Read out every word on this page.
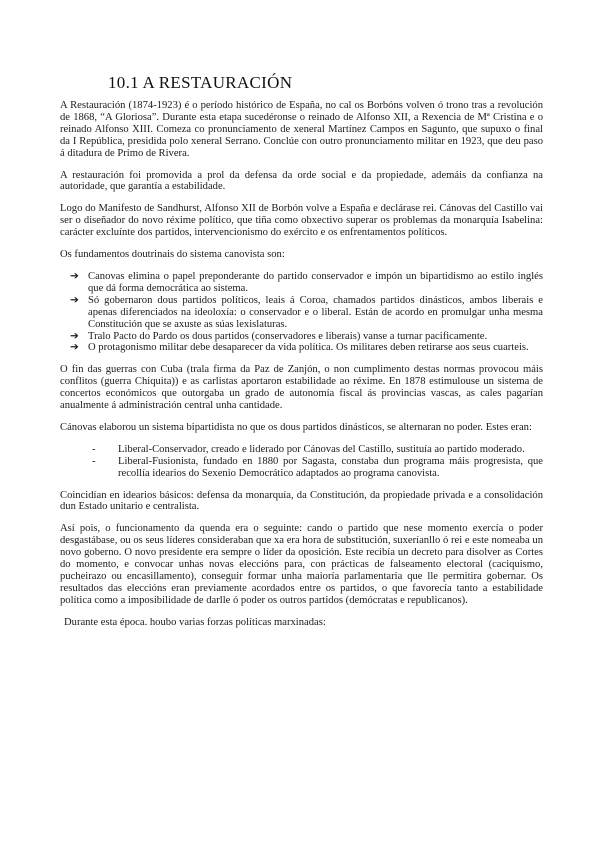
10.1 A RESTAURACIÓN

A Restauración (1874-1923) é o período histórico de España, no cal os Borbóns volven ó trono tras a revolución de 1868, “A Gloriosa”. Durante esta etapa sucedéronse o reinado de Alfonso XII, a Rexencia de Mª Cristina e o reinado Alfonso XIII. Comeza co pronunciamento de xeneral Martínez Campos en Sagunto, que supuxo o final da I República, presidida polo xeneral Serrano. Conclúe con outro pronunciamento militar en 1923, que deu paso á ditadura de Primo de Rivera.

A restauración foi promovida a prol da defensa da orde social e da propiedade, ademáis da confianza na autoridade, que garantía a estabilidade.

Logo do Manifesto de Sandhurst, Alfonso XII de Borbón volve a España e declárase rei. Cánovas del Castillo vai ser o diseñador do novo réxime político, que tiña como obxectivo superar os problemas da monarquía Isabelina: carácter excluínte dos partidos, intervencionismo do exército e os enfrentamentos políticos.

Os fundamentos doutrinais do sistema canovista son:

➔ Canovas elimina o papel preponderante do partido conservador e impón un bipartidismo ao estilo inglés que dá forma democrática ao sistema.
➔ Só gobernaron dous partidos políticos, leais á Coroa, chamados partidos dinásticos, ambos liberais e apenas diferenciados na ideoloxía: o conservador e o liberal. Están de acordo en promulgar unha mesma Constitución que se axuste as súas lexislaturas.
➔ Tralo Pacto do Pardo os dous partidos (conservadores e liberais) vanse a turnar pacificamente.
➔ O protagonismo militar debe desaparecer da vida política. Os militares deben retirarse aos seus cuarteis.

O fin das guerras con Cuba (trala firma da Paz de Zanjón, o non cumplimento destas normas provocou máis conflitos (guerra Chiquita)) e as carlistas aportaron estabilidade ao réxime. En 1878 estimulouse un sistema de concertos económicos que outorgaba un grado de autonomía fiscal ás provincias vascas, as cales pagarían anualmente á administración central unha cantidade.

Cánovas elaborou un sistema bipartidista no que os dous partidos dinásticos, se alternaran no poder. Estes eran:

- Liberal-Conservador, creado e liderado por Cánovas del Castillo, sustituía ao partido moderado.
- Liberal-Fusionista, fundado en 1880 por Sagasta, constaba dun programa máis progresista, que recollía idearios do Sexenio Democrático adaptados ao programa canovista.

Coincidían en idearios básicos: defensa da monarquía, da Constitución, da propiedade privada e a consolidación dun Estado unitario e centralista.

Así pois, o funcionamento da quenda era o seguinte: cando o partido que nese momento exercía o poder desgastábase, ou os seus líderes consideraban que xa era hora de substitución, suxeríanllo ó rei e este nomeaba un novo goberno. O novo presidente era sempre o líder da oposición. Este recibía un decreto para disolver as Cortes do momento, e convocar unhas novas eleccións para, con prácticas de falseamento electoral (caciquismo, pucheirazo ou encasillamento), conseguir formar unha maioría parlamentaria que lle permitira gobernar. Os resultados das eleccións eran previamente acordados entre os partidos, o que favorecía tanto a estabilidade política como a imposibilidade de darlle ó poder os outros partidos (demócratas e republicanos).

Durante esta época. houbo varias forzas políticas marxinadas:
